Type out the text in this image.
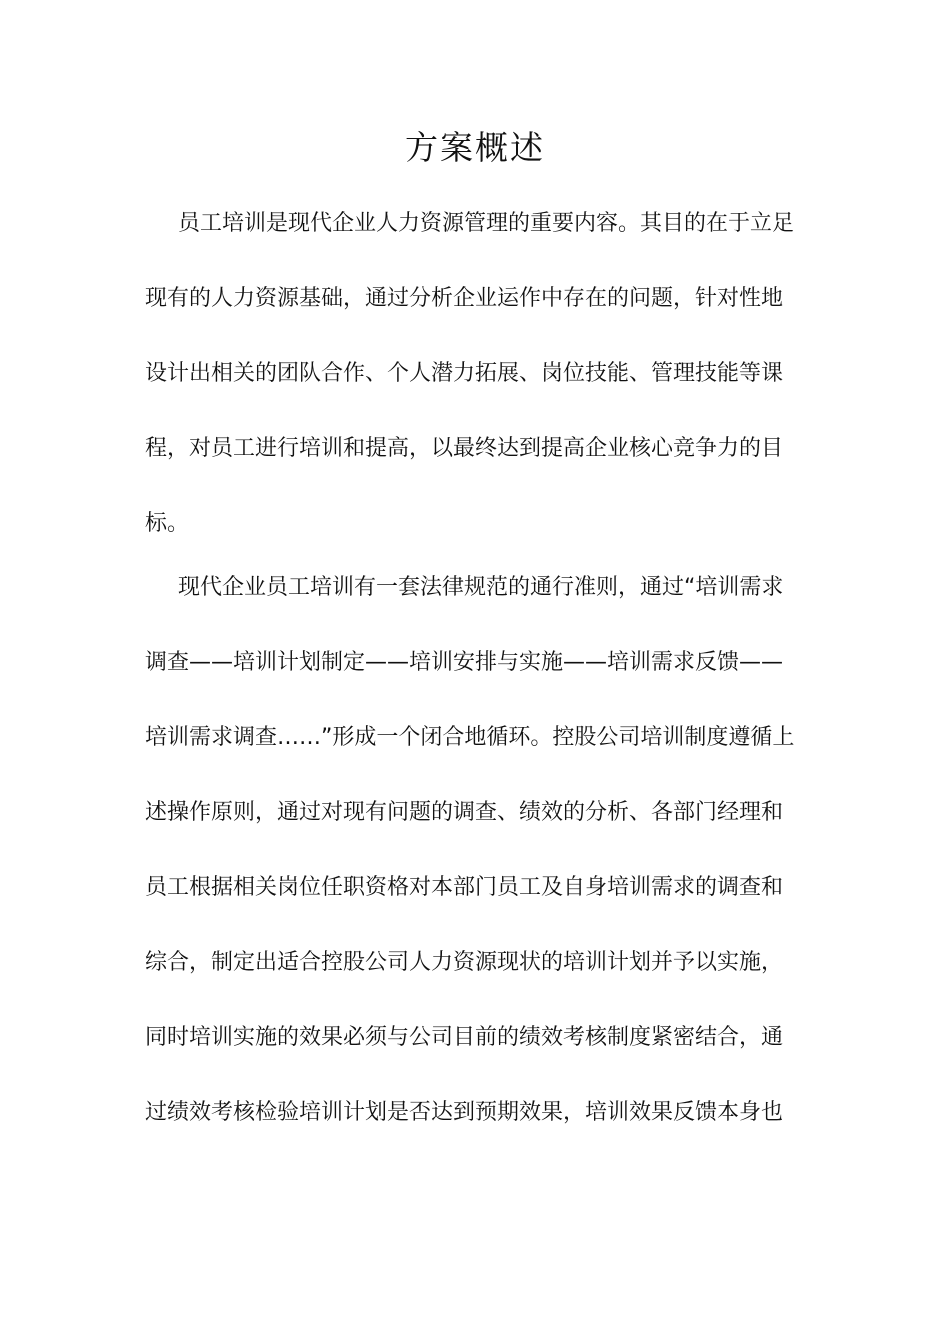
方案概述
员工培训是现代企业人力资源管理的重要内容。其目的在于立足
现有的人力资源基础，通过分析企业运作中存在的问题，针对性地
设计出相关的团队合作、个人潜力拓展、岗位技能、管理技能等课
程，对员工进行培训和提高，以最终达到提高企业核心竞争力的目
标。
现代企业员工培训有一套法律规范的通行准则，通过“培训需求
调查——培训计划制定——培训安排与实施——培训需求反馈——
培训需求调查……”形成一个闭合地循环。控股公司培训制度遵循上
述操作原则，通过对现有问题的调查、绩效的分析、各部门经理和
员工根据相关岗位任职资格对本部门员工及自身培训需求的调查和
综合，制定出适合控股公司人力资源现状的培训计划并予以实施，
同时培训实施的效果必须与公司目前的绩效考核制度紧密结合，通
过绩效考核检验培训计划是否达到预期效果，培训效果反馈本身也
